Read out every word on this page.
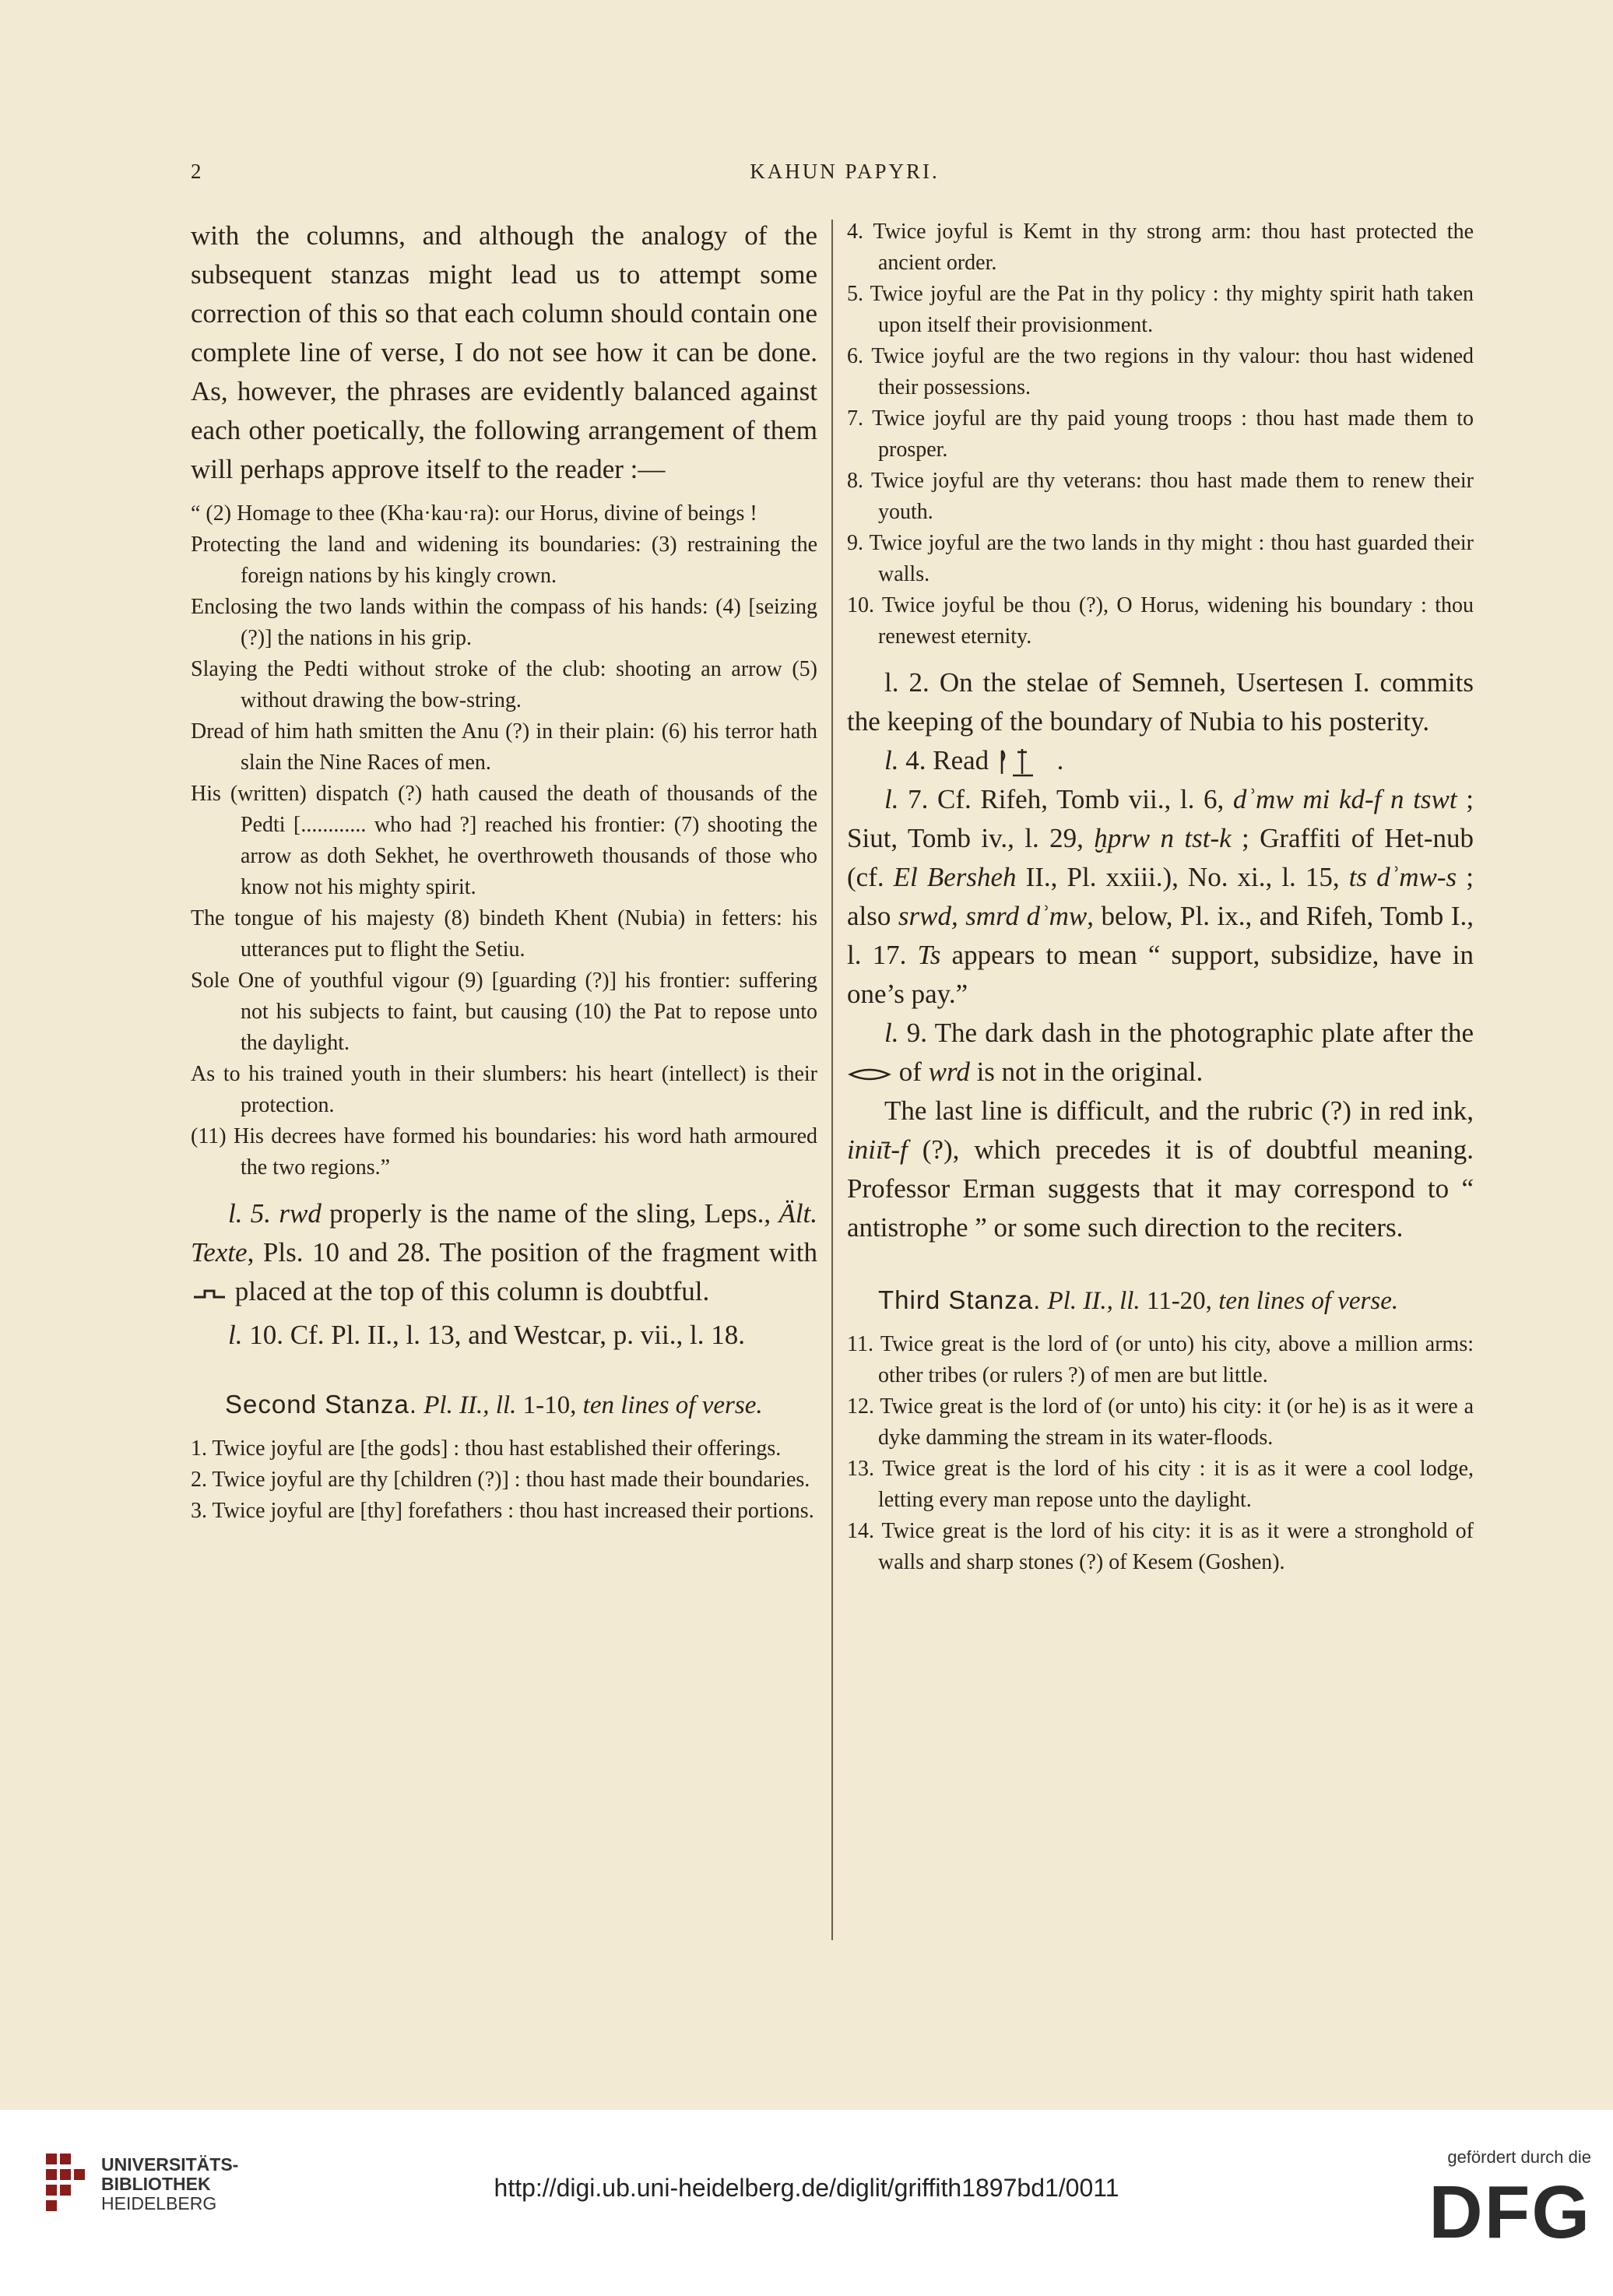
2	KAHUN PAPYRI.

with the columns, and although the analogy of the subsequent stanzas might lead us to attempt some correction of this so that each column should contain one complete line of verse, I do not see how it can be done. As, however, the phrases are evidently balanced against each other poetically, the following arrangement of them will perhaps approve itself to the reader :—

“ (2) Homage to thee (Kha·kau·ra): our Horus, divine of beings !

Protecting the land and widening its boundaries: (3) restraining the foreign nations by his kingly crown.

Enclosing the two lands within the compass of his hands: (4) [seizing (?)] the nations in his grip.

Slaying the Pedti without stroke of the club: shooting an arrow (5) without drawing the bow-string.

Dread of him hath smitten the Anu (?) in their plain: (6) his terror hath slain the Nine Races of men.

His (written) dispatch (?) hath caused the death of thousands of the Pedti [............ who had ?] reached his frontier: (7) shooting the arrow as doth Sekhet, he overthroweth thousands of those who know not his mighty spirit.

The tongue of his majesty (8) bindeth Khent (Nubia) in fetters: his utterances put to flight the Setiu.

Sole One of youthful vigour (9) [guarding (?)] his frontier: suffering not his subjects to faint, but causing (10) the Pat to repose unto the daylight.

As to his trained youth in their slumbers: his heart (intellect) is their protection.

(11) His decrees have formed his boundaries: his word hath armoured the two regions.”

l. 5. rwd properly is the name of the sling, Leps., Ält. Texte, Pls. 10 and 28. The position of the fragment with  placed at the top of this column is doubtful.

l. 10. Cf. Pl. II., l. 13, and Westcar, p. vii., l. 18.

Second Stanza. Pl. II., ll. 1-10, ten lines of verse.

1. Twice joyful are [the gods] : thou hast established their offerings.

2. Twice joyful are thy [children (?)] : thou hast made their boundaries.

3. Twice joyful are [thy] forefathers : thou hast increased their portions.

4. Twice joyful is Kemt in thy strong arm: thou hast protected the ancient order.

5. Twice joyful are the Pat in thy policy : thy mighty spirit hath taken upon itself their provisionment.

6. Twice joyful are the two regions in thy valour: thou hast widened their possessions.

7. Twice joyful are thy paid young troops : thou hast made them to prosper.

8. Twice joyful are thy veterans: thou hast made them to renew their youth.

9. Twice joyful are the two lands in thy might : thou hast guarded their walls.

10. Twice joyful be thou (?), O Horus, widening his boundary : thou renewest eternity.

l. 2. On the stelae of Semneh, Usertesen I. commits the keeping of the boundary of Nubia to his posterity.

l. 4. Read  .

l. 7. Cf. Rifeh, Tomb vii., l. 6, dʾmw mi kd-f n tswt ; Siut, Tomb iv., l. 29, ḫprw n tst-k ; Graffiti of Het-nub (cf. El Bersheh II., Pl. xxiii.), No. xi., l. 15, ts dʾmw-s ; also srwd, smrd dʾmw, below, Pl. ix., and Rifeh, Tomb I., l. 17. Ts appears to mean “ support, subsidize, have in one’s pay.”

l. 9. The dark dash in the photographic plate after the  of wrd is not in the original.

The last line is difficult, and the rubric (?) in red ink, iniı̄t-f (?), which precedes it is of doubtful meaning. Professor Erman suggests that it may correspond to “ antistrophe ” or some such direction to the reciters.

Third Stanza. Pl. II., ll. 11-20, ten lines of verse.

11. Twice great is the lord of (or unto) his city, above a million arms: other tribes (or rulers ?) of men are but little.

12. Twice great is the lord of (or unto) his city: it (or he) is as it were a dyke damming the stream in its water-floods.

13. Twice great is the lord of his city : it is as it were a cool lodge, letting every man repose unto the daylight.

14. Twice great is the lord of his city: it is as it were a stronghold of walls and sharp stones (?) of Kesem (Goshen).

UNIVERSITÄTS-
BIBLIOTHEK
HEIDELBERG
http://digi.ub.uni-heidelberg.de/diglit/griffith1897bd1/0011
gefördert durch die
DFG
